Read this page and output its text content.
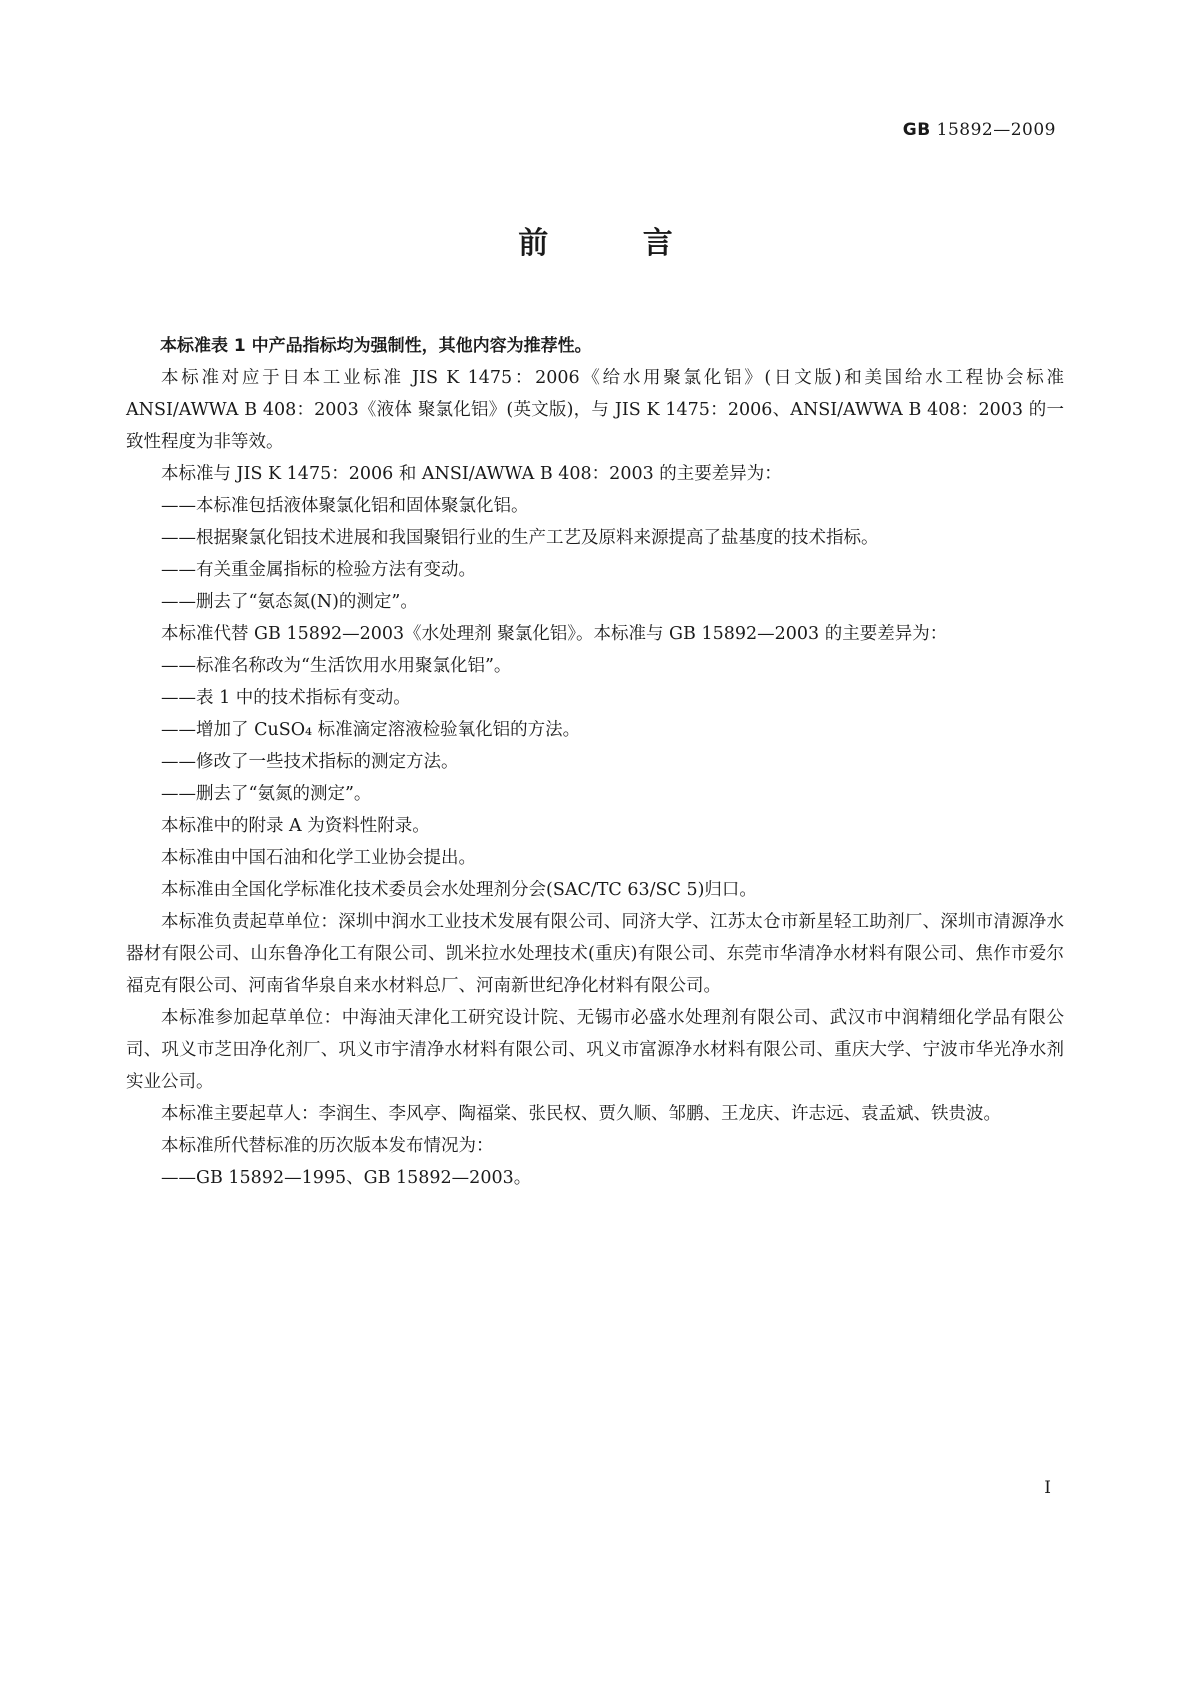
GB 15892—2009
前 言

本标准表 1 中产品指标均为强制性，其他内容为推荐性。

本标准对应于日本工业标准 JIS K 1475：2006《给水用聚氯化铝》(日文版)和美国给水工程协会标准 ANSI/AWWA B 408：2003《液体 聚氯化铝》(英文版)，与 JIS K 1475：2006、ANSI/AWWA B 408：2003 的一致性程度为非等效。

本标准与 JIS K 1475：2006 和 ANSI/AWWA B 408：2003 的主要差异为：

——本标准包括液体聚氯化铝和固体聚氯化铝。

——根据聚氯化铝技术进展和我国聚铝行业的生产工艺及原料来源提高了盐基度的技术指标。

——有关重金属指标的检验方法有变动。

——删去了“氨态氮(N)的测定”。

本标准代替 GB 15892—2003《水处理剂 聚氯化铝》。本标准与 GB 15892—2003 的主要差异为：

——标准名称改为“生活饮用水用聚氯化铝”。

——表 1 中的技术指标有变动。

——增加了 CuSO₄ 标准滴定溶液检验氧化铝的方法。

——修改了一些技术指标的测定方法。

——删去了“氨氮的测定”。

本标准中的附录 A 为资料性附录。

本标准由中国石油和化学工业协会提出。

本标准由全国化学标准化技术委员会水处理剂分会(SAC/TC 63/SC 5)归口。

本标准负责起草单位：深圳中润水工业技术发展有限公司、同济大学、江苏太仓市新星轻工助剂厂、深圳市清源净水器材有限公司、山东鲁净化工有限公司、凯米拉水处理技术(重庆)有限公司、东莞市华清净水材料有限公司、焦作市爱尔福克有限公司、河南省华泉自来水材料总厂、河南新世纪净化材料有限公司。

本标准参加起草单位：中海油天津化工研究设计院、无锡市必盛水处理剂有限公司、武汉市中润精细化学品有限公司、巩义市芝田净化剂厂、巩义市宇清净水材料有限公司、巩义市富源净水材料有限公司、重庆大学、宁波市华光净水剂实业公司。

本标准主要起草人：李润生、李风亭、陶福棠、张民权、贾久顺、邹鹏、王龙庆、许志远、袁孟斌、铁贵波。

本标准所代替标准的历次版本发布情况为：

——GB 15892—1995、GB 15892—2003。

I
